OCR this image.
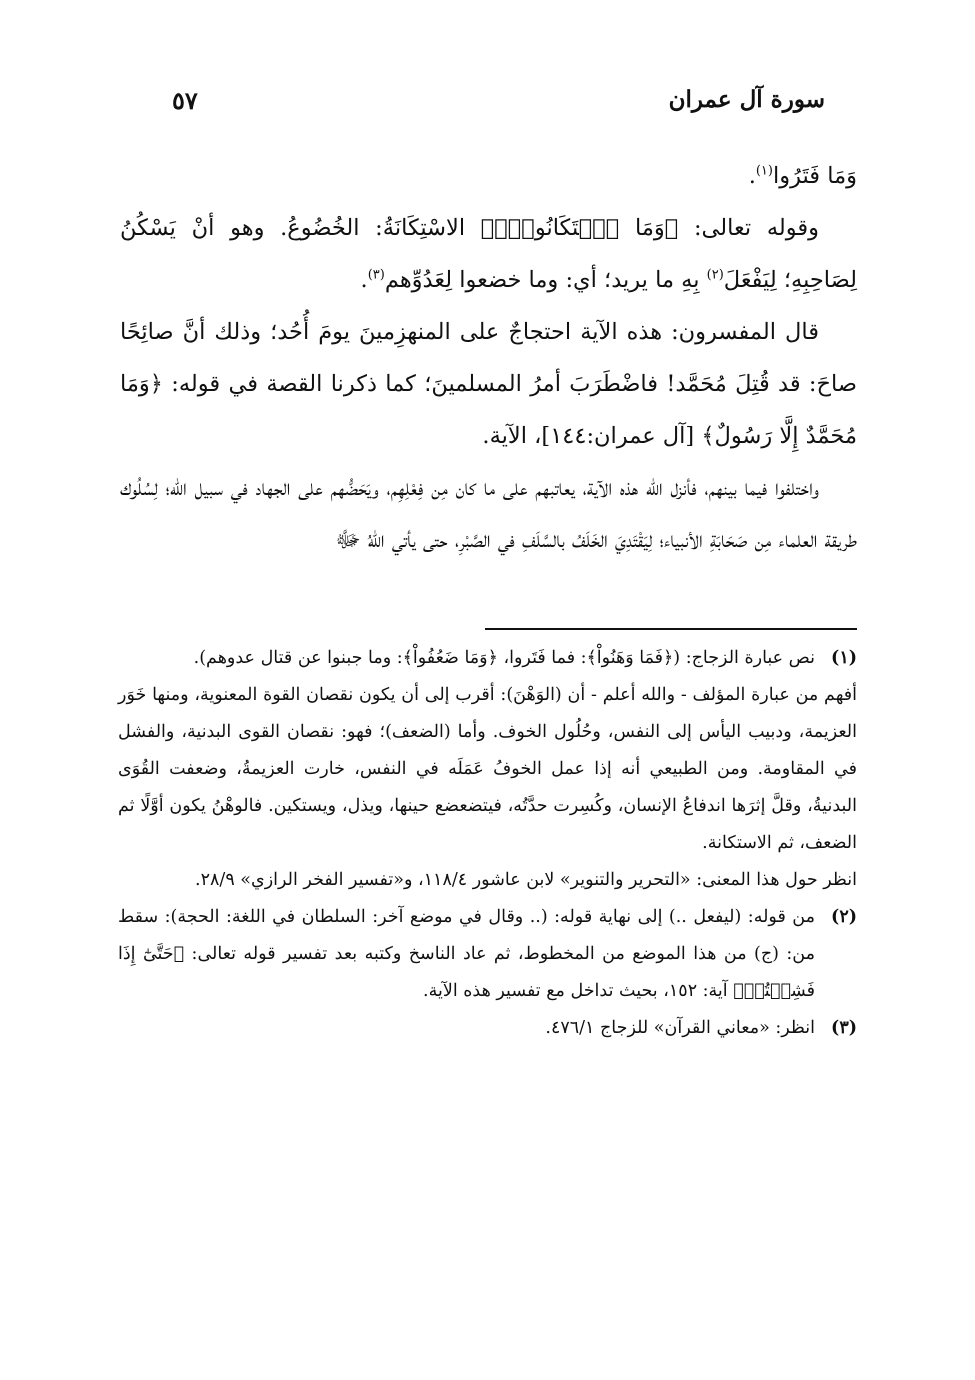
سورة آل عمران
٥٧

وَمَا فَتَرُوا$^{(١)}$.

وقوله تعالى: ﴿وَمَا ٱسۡتَكَانُواْۗ﴾ الاسْتِكَانَةُ: الخُضُوعُ. وهو أنْ يَسْكُنُ لِصَاحِبِهِ؛ لِيَفْعَلَ$^{(٢)}$ بِهِ ما يريد؛ أي: وما خضعوا لِعَدُوِّهم$^{(٣)}$.

قال المفسرون: هذه الآية احتجاجٌ على المنهزِمينَ يومَ أُحُد؛ وذلك أنَّ صائِحًا صاحَ: قد قُتِلَ مُحَمَّد! فاضْطَرَبَ أمرُ المسلمينَ؛ كما ذكرنا القصة في قوله: ﴿وَمَا مُحَمَّدٌ إِلَّا رَسُولٌ﴾ [آل عمران:١٤٤]، الآية.

واختلفوا فيما بينهم، فأنزل الله هذه الآية، يعاتبهم على ما كان مِن فِعْلِهِم، ويَحَضُّهم على الجهاد في سبيل الله؛ لِسُلُوك طريقة العلماء مِن صَحَابَةِ الأنبياء؛ لِيَقْتَدِيَ الخَلَفُ بالسَّلَفِ في الصَّبْرِ، حتى يأتي اللهُ ﷻ

(١)

نص عبارة الزجاج: (﴿فَمَا وَهَنُواْ﴾: فما فَتَروا، ﴿وَمَا ضَعُفُواْ﴾: وما جبنوا عن قتال عدوهم).

أفهم من عبارة المؤلف - والله أعلم - أن (الوَهْنَ): أقرب إلى أن يكون نقصان القوة المعنوية، ومنها خَوَر العزيمة، ودبيب اليأس إلى النفس، وحُلُول الخوف. وأما (الضعف)؛ فهو: نقصان القوى البدنية، والفشل في المقاومة. ومن الطبيعي أنه إذا عمل الخوفُ عَمَلَه في النفس، خارت العزيمةُ، وضعفت القُوَى البدنيةُ، وقلَّ إثرَها اندفاعُ الإنسان، وكُسِرت حدَّتُه، فيتضعضع حينها، ويذل، ويستكين. فالوهْنُ يكون أوَّلًا ثم الضعف، ثم الاستكانة.

انظر حول هذا المعنى: «التحرير والتنوير» لابن عاشور ١١٨/٤، و«تفسير الفخر الرازي» ٢٨/٩.

(٢)

من قوله: (ليفعل ..) إلى نهاية قوله: (.. وقال في موضع آخر: السلطان في اللغة: الحجة): سقط من: (ج) من هذا الموضع من المخطوط، ثم عاد الناسخ وكتبه بعد تفسير قوله تعالى: ﴿حَتَّىٰٓ إِذَا فَشِلۡتُمۡ﴾ آية: ١٥٢، بحيث تداخل مع تفسير هذه الآية.

(٣)

انظر: «معاني القرآن» للزجاج ٤٧٦/١.
